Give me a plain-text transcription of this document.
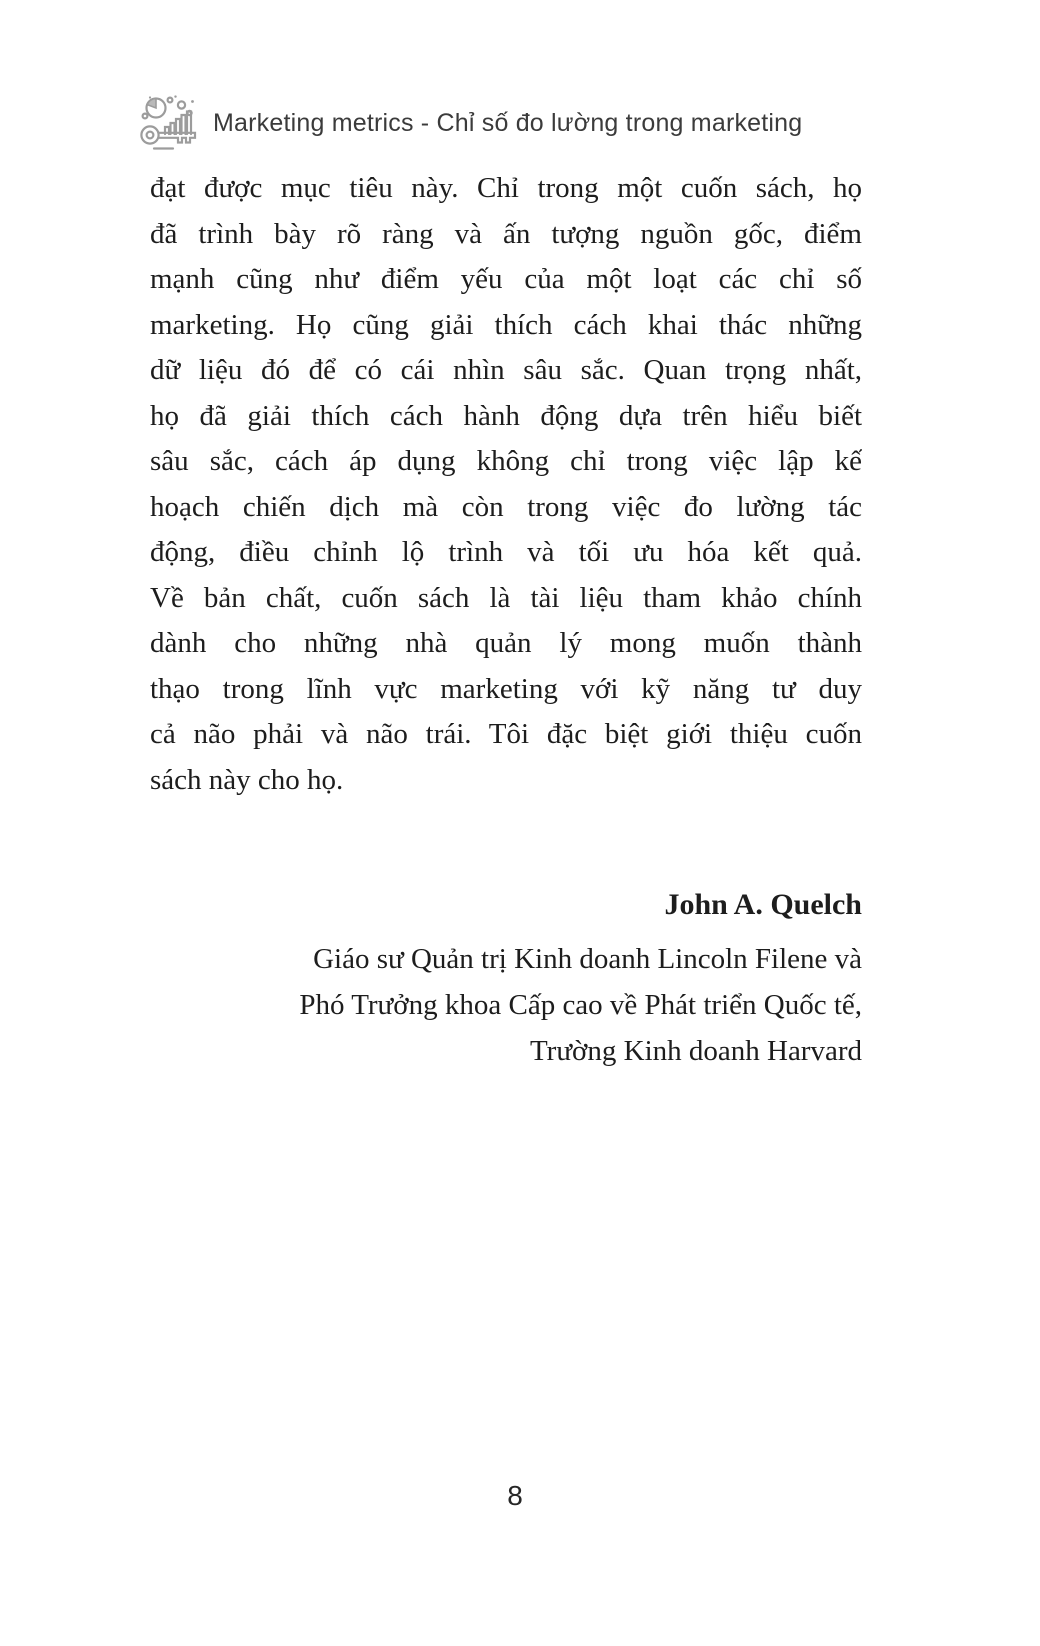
Marketing metrics - Chỉ số đo lường trong marketing
đạt được mục tiêu này. Chỉ trong một cuốn sách, họ
đã trình bày rõ ràng và ấn tượng nguồn gốc, điểm
mạnh cũng như điểm yếu của một loạt các chỉ số
marketing. Họ cũng giải thích cách khai thác những
dữ liệu đó để có cái nhìn sâu sắc. Quan trọng nhất,
họ đã giải thích cách hành động dựa trên hiểu biết
sâu sắc, cách áp dụng không chỉ trong việc lập kế
hoạch chiến dịch mà còn trong việc đo lường tác
động, điều chỉnh lộ trình và tối ưu hóa kết quả.
Về bản chất, cuốn sách là tài liệu tham khảo chính
dành cho những nhà quản lý mong muốn thành
thạo trong lĩnh vực marketing với kỹ năng tư duy
cả não phải và não trái. Tôi đặc biệt giới thiệu cuốn
sách này cho họ.
John A. Quelch
Giáo sư Quản trị Kinh doanh Lincoln Filene và
Phó Trưởng khoa Cấp cao về Phát triển Quốc tế,
Trường Kinh doanh Harvard
8
